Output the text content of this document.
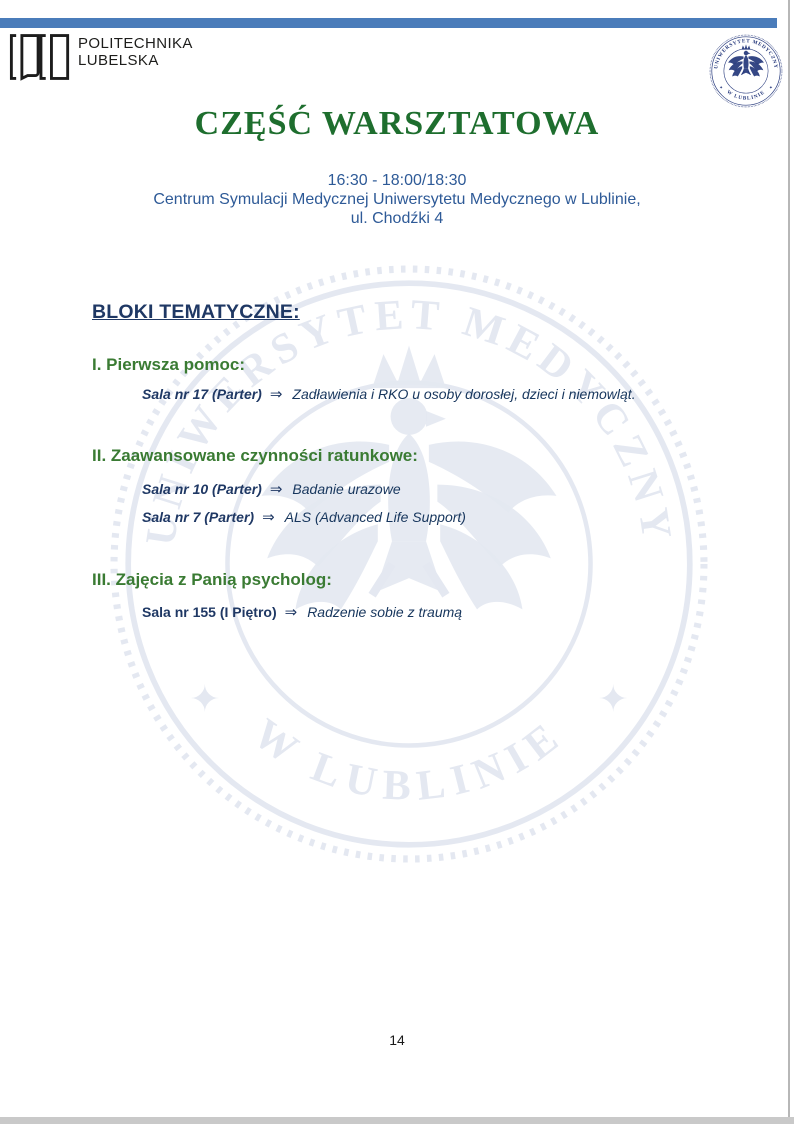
POLITECHNIKA
LUBELSKA
CZĘŚĆ WARSZTATOWA
16:30 - 18:00/18:30
Centrum Symulacji Medycznej Uniwersytetu Medycznego w Lublinie,
ul. Chodźki 4
BLOKI TEMATYCZNE:
I. Pierwsza pomoc:
Sala nr 17 (Parter) ⇒ Zadławienia i RKO u osoby dorosłej, dzieci i niemowląt.
II. Zaawansowane czynności ratunkowe:
Sala nr 10 (Parter) ⇒ Badanie urazowe
Sala nr 7 (Parter) ⇒ ALS (Advanced Life Support)
III. Zajęcia z Panią psycholog:
Sala nr 155 (I Piętro) ⇒ Radzenie sobie z traumą
14
